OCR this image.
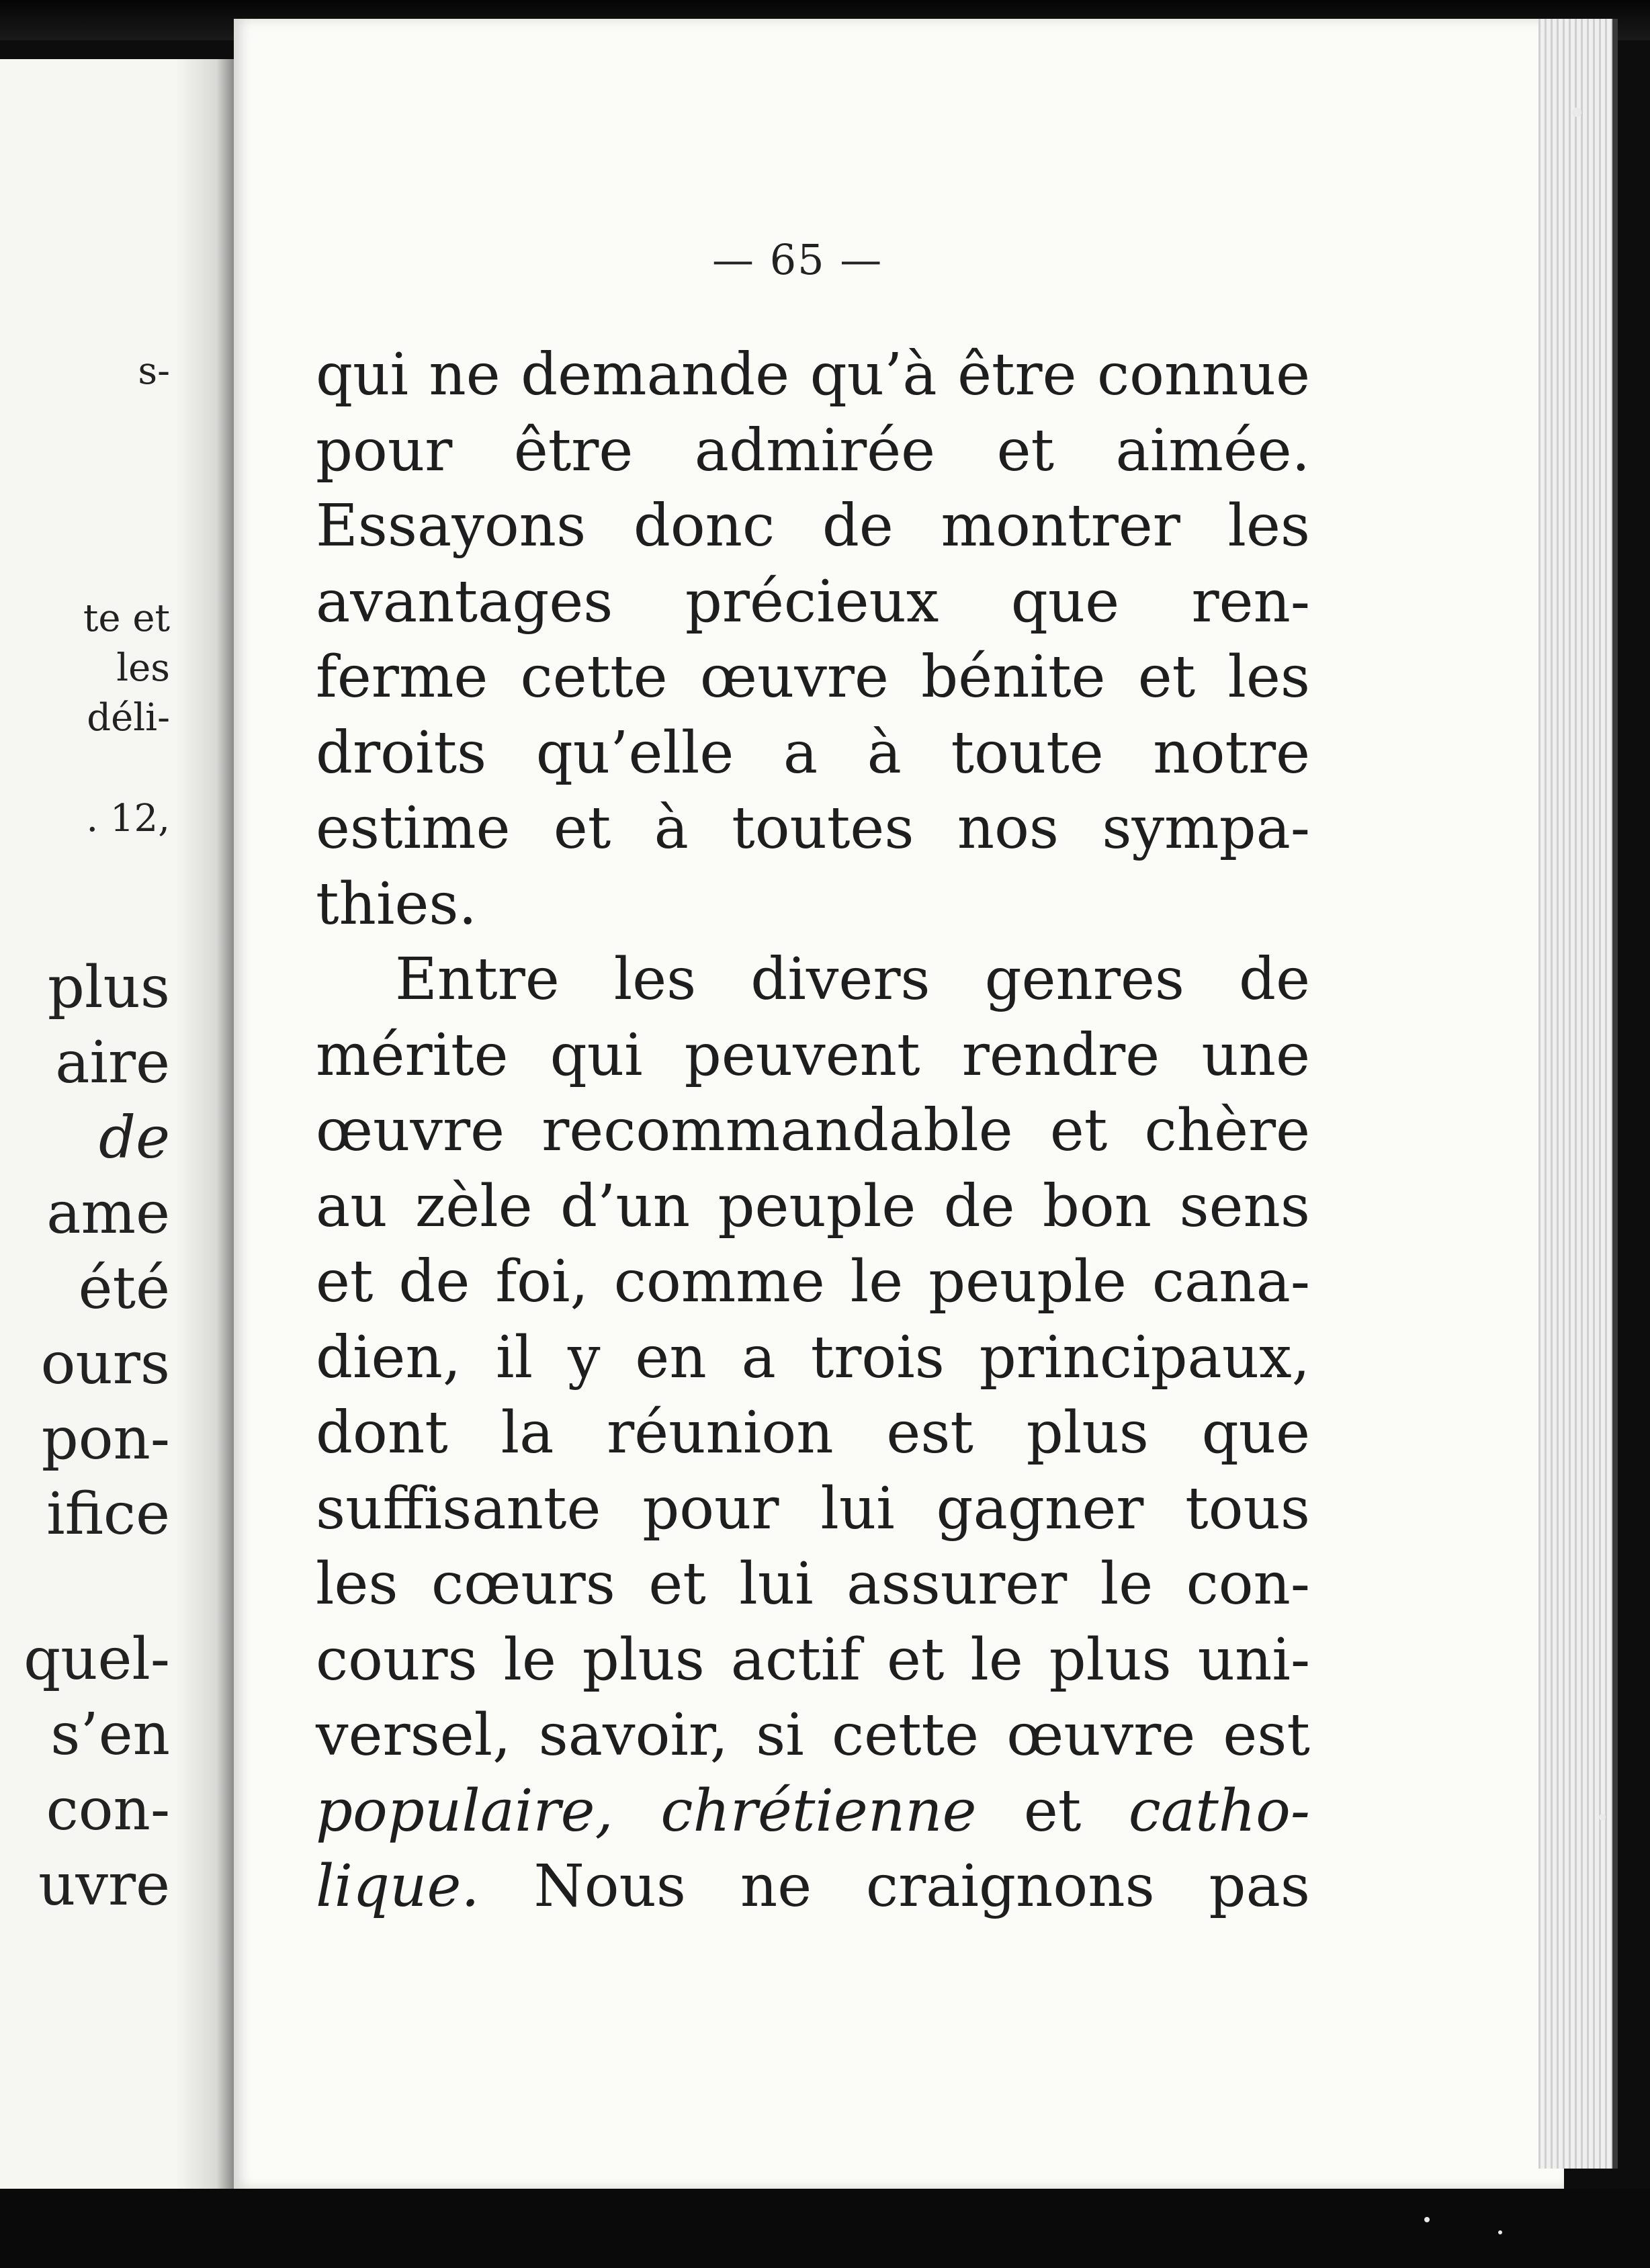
s-
te et
les
déli-
. 12,
plus
aire
de
ame
été
ours
pon-
ifice
quel-
s’en
con-
uvre
— 65 —
qui ne demande qu’à être connue
pour être admirée et aimée.
Essayons donc de montrer les
avantages précieux que ren-
ferme cette œuvre bénite et les
droits qu’elle a à toute notre
estime et à toutes nos sympa-
thies.
Entre les divers genres de
mérite qui peuvent rendre une
œuvre recommandable et chère
au zèle d’un peuple de bon sens
et de foi, comme le peuple cana-
dien, il y en a trois principaux,
dont la réunion est plus que
suffisante pour lui gagner tous
les cœurs et lui assurer le con-
cours le plus actif et le plus uni-
versel, savoir, si cette œuvre est
populaire, chrétienne et catho-
lique. Nous ne craignons pas
